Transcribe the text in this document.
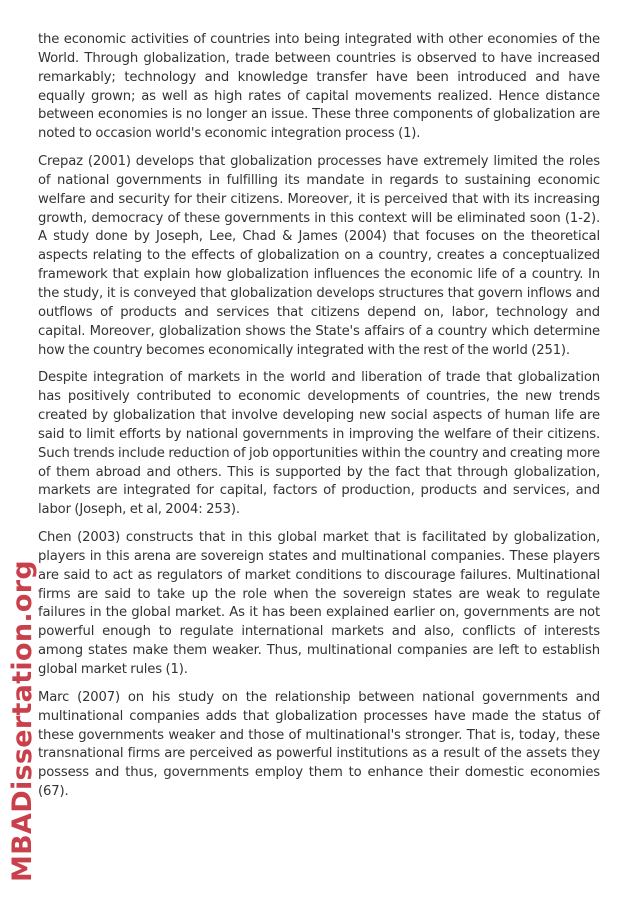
the economic activities of countries into being integrated with other economies of the World. Through globalization, trade between countries is observed to have increased remarkably; technology and knowledge transfer have been introduced and have equally grown; as well as high rates of capital movements realized. Hence distance between economies is no longer an issue. These three components of globalization are noted to occasion world's economic integration process (1).

Crepaz (2001) develops that globalization processes have extremely limited the roles of national governments in fulfilling its mandate in regards to sustaining economic welfare and security for their citizens. Moreover, it is perceived that with its increasing growth, democracy of these governments in this context will be eliminated soon (1-2). A study done by Joseph, Lee, Chad & James (2004) that focuses on the theoretical aspects relating to the effects of globalization on a country, creates a conceptualized framework that explain how globalization influences the economic life of a country. In the study, it is conveyed that globalization develops structures that govern inflows and outflows of products and services that citizens depend on, labor, technology and capital. Moreover, globalization shows the State's affairs of a country which determine how the country becomes economically integrated with the rest of the world (251).

Despite integration of markets in the world and liberation of trade that globalization has positively contributed to economic developments of countries, the new trends created by globalization that involve developing new social aspects of human life are said to limit efforts by national governments in improving the welfare of their citizens. Such trends include reduction of job opportunities within the country and creating more of them abroad and others. This is supported by the fact that through globalization, markets are integrated for capital, factors of production, products and services, and labor (Joseph, et al, 2004: 253).

Chen (2003) constructs that in this global market that is facilitated by globalization, players in this arena are sovereign states and multinational companies. These players are said to act as regulators of market conditions to discourage failures. Multinational firms are said to take up the role when the sovereign states are weak to regulate failures in the global market. As it has been explained earlier on, governments are not powerful enough to regulate international markets and also, conflicts of interests among states make them weaker. Thus, multinational companies are left to establish global market rules (1).

Marc (2007) on his study on the relationship between national governments and multinational companies adds that globalization processes have made the status of these governments weaker and those of multinational's stronger. That is, today, these transnational firms are perceived as powerful institutions as a result of the assets they possess and thus, governments employ them to enhance their domestic economies (67).

MBADissertation.org
